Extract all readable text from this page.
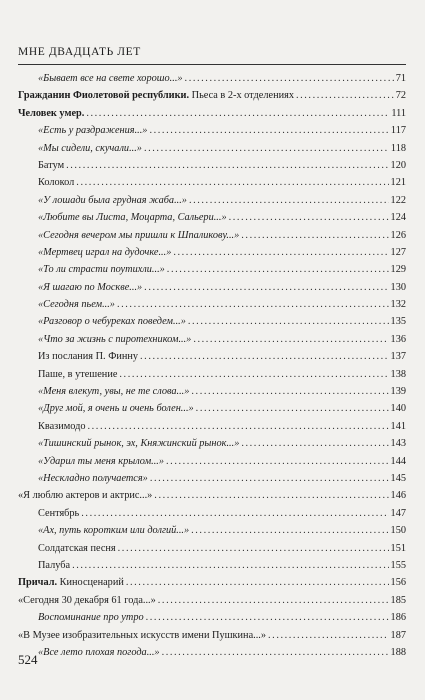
МНЕ ДВАДЦАТЬ ЛЕТ
«Бывает все на свете хорошо...» . . .	71
Гражданин Фиолетовой республики. Пьеса в 2-х отделениях . . .	72
Человек умер. . . .	111
«Есть у раздражения...» . . .	117
«Мы сидели, скучали...» . . .	118
Батум . . .	120
Колокол . . .	121
«У лошади была грудная жаба...» . . .	122
«Любите вы Листа, Моцарта, Сальери...» . . .	124
«Сегодня вечером мы пришли к Шпаликову...» . . .	126
«Мертвец играл на дудочке...» . . .	127
«То ли страсти поутихли...» . . .	129
«Я шагаю по Москве...» . . .	130
«Сегодня пьем...» . . .	132
«Разговор о чебуреках поведем...» . . .	135
«Что за жизнь с пиротехником...» . . .	136
Из послания П. Финну . . .	137
Паше, в утешение . . .	138
«Меня влекут, увы, не те слова...» . . .	139
«Друг мой, я очень и очень болен...» . . .	140
Квазимодо . . .	141
«Тишинский рынок, эх, Княжинский рынок...» . . .	143
«Ударил ты меня крылом...» . . .	144
«Нескладно получается» . . .	145
«Я люблю актеров и актрис...» . . .	146
Сентябрь . . .	147
«Ах, путь коротким или долгий...» . . .	150
Солдатская песня . . .	151
Палуба . . .	155
Причал. Киносценарий . . .	156
«Сегодня 30 декабря 61 года...» . . .	185
Воспоминание про утро . . .	186
«В Музее изобразительных искусств имени Пушкина...» . . .	187
«Все лето плохая погода...» . . .	188
524
